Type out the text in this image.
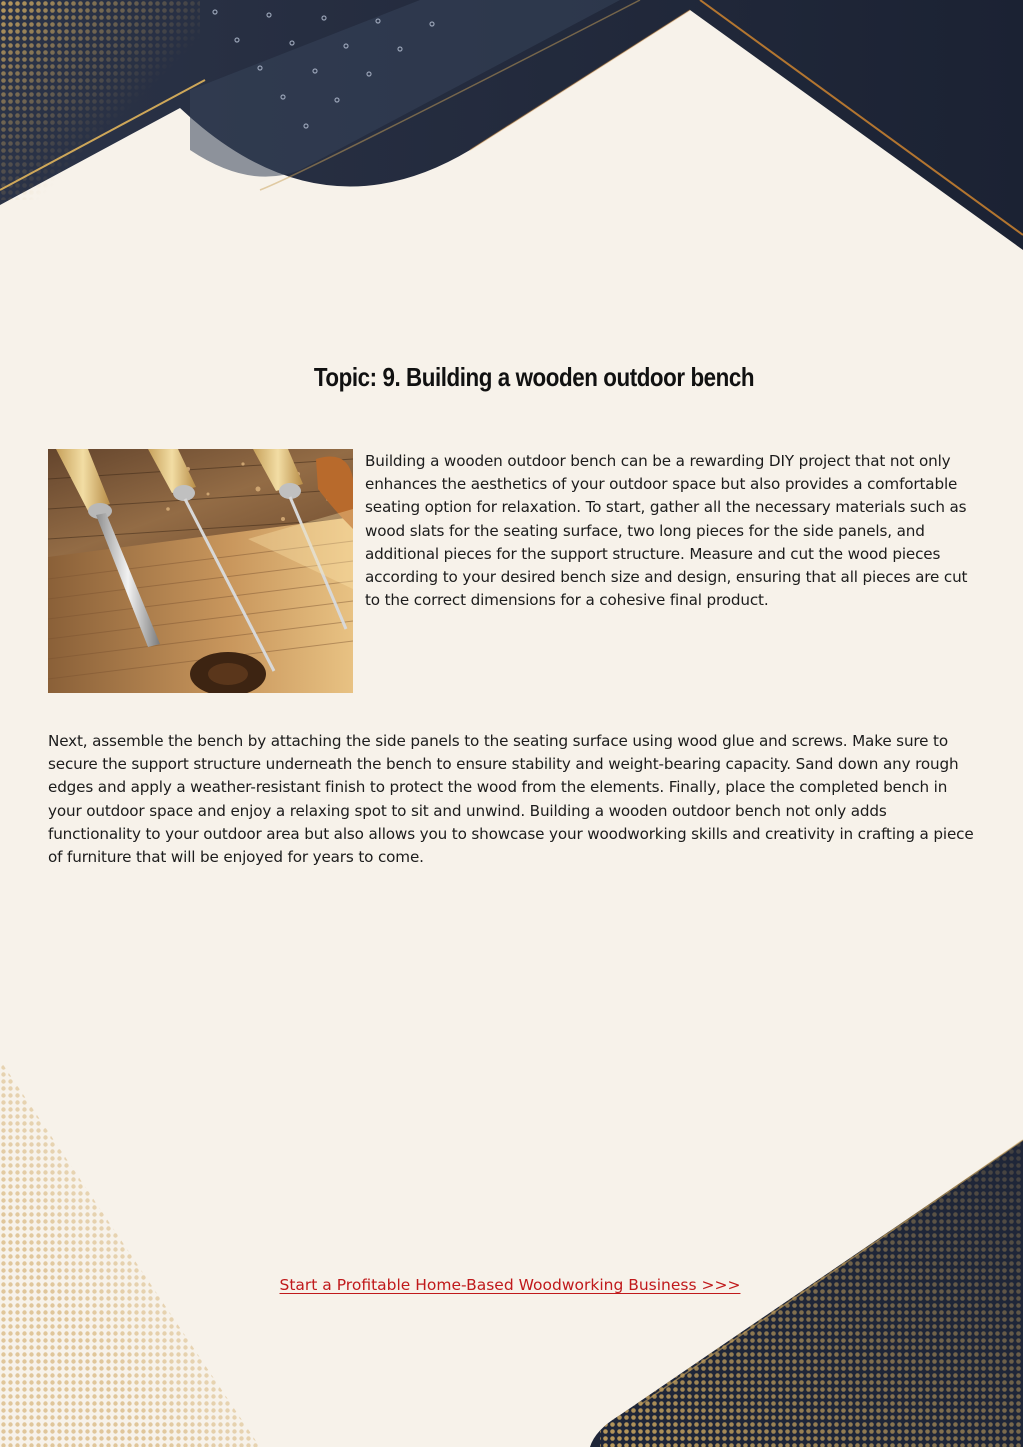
Topic: 9. Building a wooden outdoor bench

Building a wooden outdoor bench can be a rewarding DIY project that not only enhances the aesthetics of your outdoor space but also provides a comfortable seating option for relaxation. To start, gather all the necessary materials such as wood slats for the seating surface, two long pieces for the side panels, and additional pieces for the support structure. Measure and cut the wood pieces according to your desired bench size and design, ensuring that all pieces are cut to the correct dimensions for a cohesive final product.

Next, assemble the bench by attaching the side panels to the seating surface using wood glue and screws. Make sure to secure the support structure underneath the bench to ensure stability and weight-bearing capacity. Sand down any rough edges and apply a weather-resistant finish to protect the wood from the elements. Finally, place the completed bench in your outdoor space and enjoy a relaxing spot to sit and unwind. Building a wooden outdoor bench not only adds functionality to your outdoor area but also allows you to showcase your woodworking skills and creativity in crafting a piece of furniture that will be enjoyed for years to come.

Start a Profitable Home-Based Woodworking Business >>>
